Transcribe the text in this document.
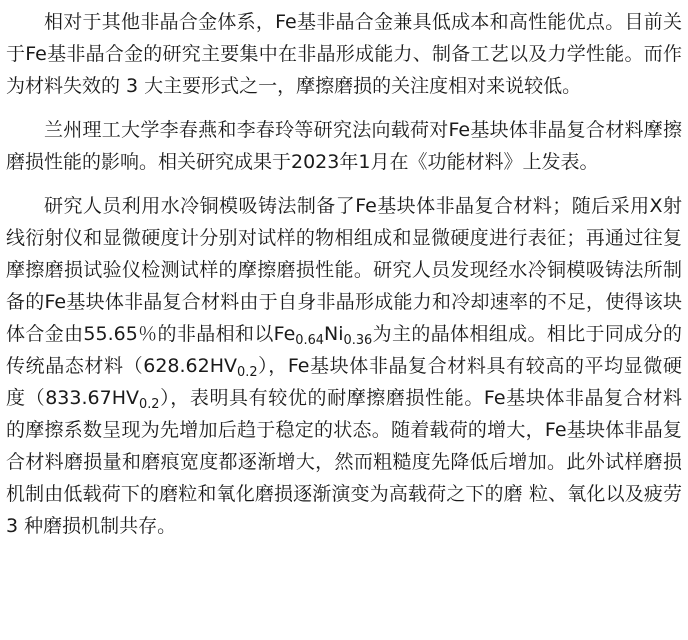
相对于其他非晶合金体系，Fe基非晶合金兼具低成本和高性能优点。目前关于Fe基非晶合金的研究主要集中在非晶形成能力、制备工艺以及力学性能。而作为材料失效的 3 大主要形式之一，摩擦磨损的关注度相对来说较低。

兰州理工大学李春燕和李春玲等研究法向载荷对Fe基块体非晶复合材料摩擦磨损性能的影响。相关研究成果于2023年1月在《功能材料》上发表。

研究人员利用水冷铜模吸铸法制备了Fe基块体非晶复合材料；随后采用X射线衍射仪和显微硬度计分别对试样的物相组成和显微硬度进行表征；再通过往复摩擦磨损试验仪检测试样的摩擦磨损性能。研究人员发现经水冷铜模吸铸法所制备的Fe基块体非晶复合材料由于自身非晶形成能力和冷却速率的不足，使得该块体合金由55.65％的非晶相和以$Fe_{0.64}Ni_{0.36}$为主的晶体相组成。相比于同成分的传统晶态材料$(628.62HV_{0.2})$，Fe基块体非晶复合材料具有较高的平均显微硬度$(833.67HV_{0.2})$，表明具有较优的耐摩擦磨损性能。Fe基块体非晶复合材料的摩擦系数呈现为先增加后趋于稳定的状态。随着载荷的增大，Fe基块体非晶复合材料磨损量和磨痕宽度都逐渐增大，然而粗糙度先降低后增加。此外试样磨损机制由低载荷下的磨粒和氧化磨损逐渐演变为高载荷之下的磨 粒、氧化以及疲劳 3 种磨损机制共存。
